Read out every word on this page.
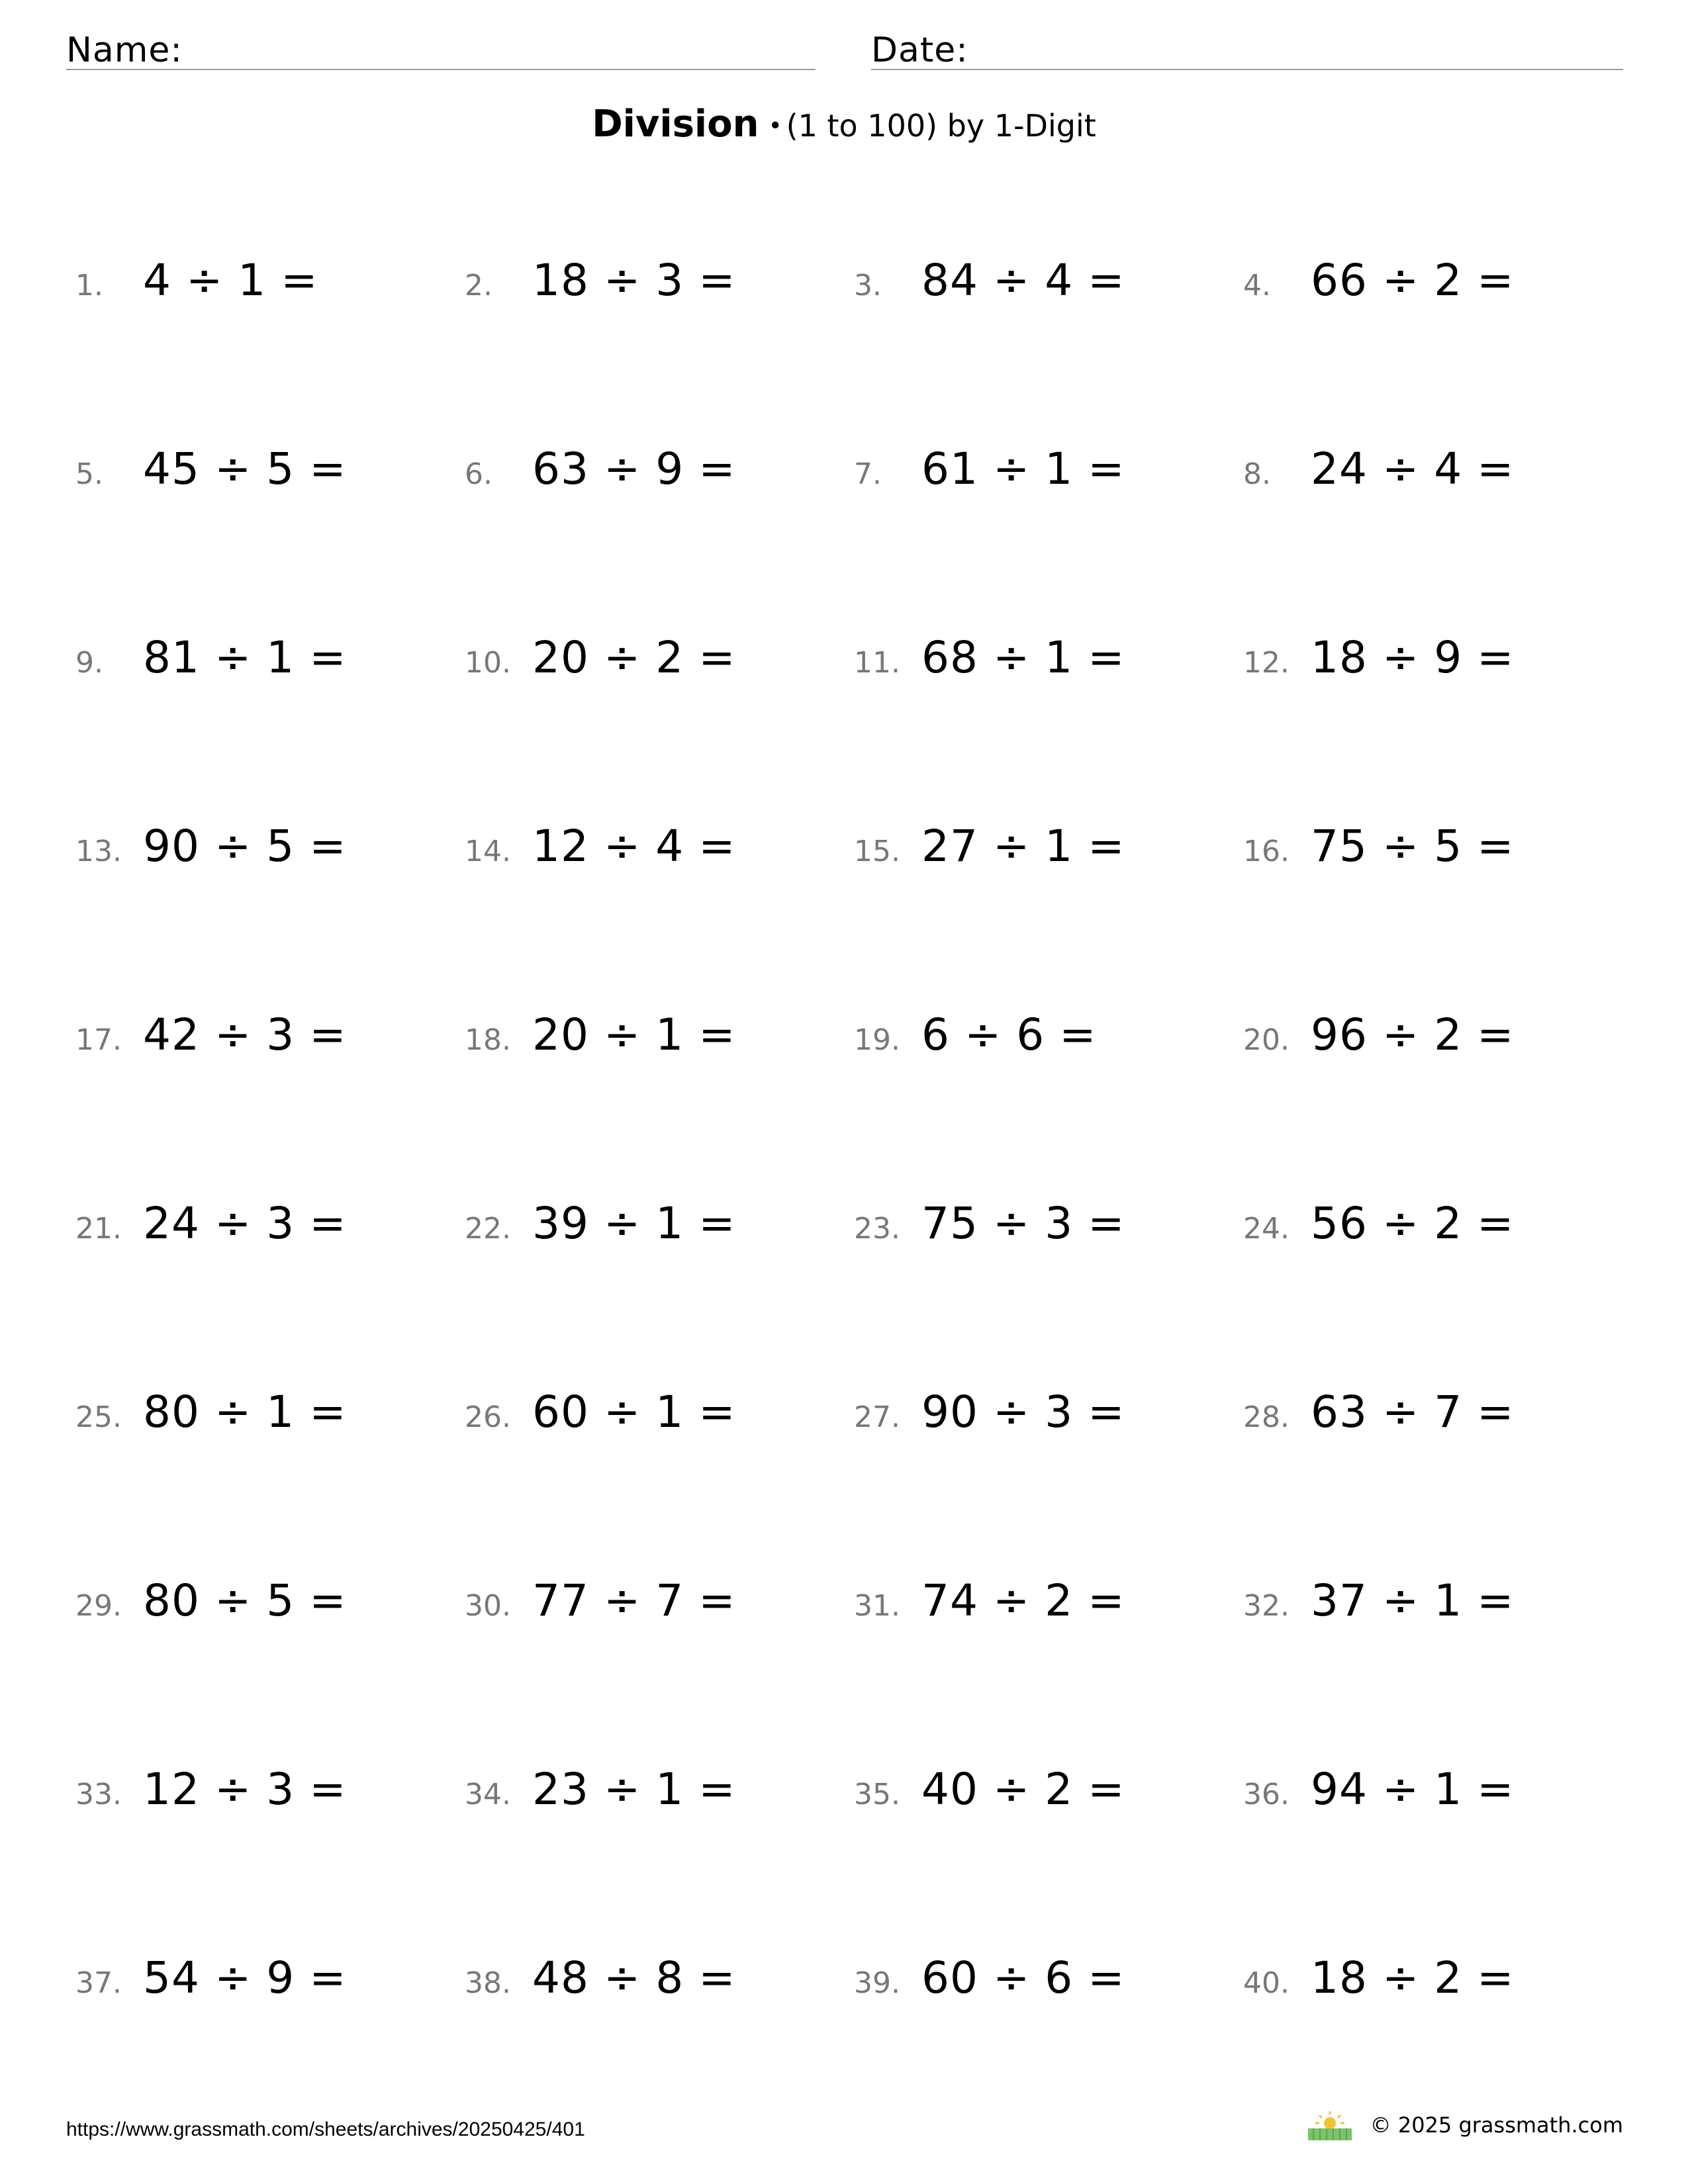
Name:	Date:
Division • (1 to 100) by 1-Digit
1. 4 ÷ 1 =	2. 18 ÷ 3 =	3. 84 ÷ 4 =	4. 66 ÷ 2 =
5. 45 ÷ 5 =	6. 63 ÷ 9 =	7. 61 ÷ 1 =	8. 24 ÷ 4 =
9. 81 ÷ 1 =	10. 20 ÷ 2 =	11. 68 ÷ 1 =	12. 18 ÷ 9 =
13. 90 ÷ 5 =	14. 12 ÷ 4 =	15. 27 ÷ 1 =	16. 75 ÷ 5 =
17. 42 ÷ 3 =	18. 20 ÷ 1 =	19. 6 ÷ 6 =	20. 96 ÷ 2 =
21. 24 ÷ 3 =	22. 39 ÷ 1 =	23. 75 ÷ 3 =	24. 56 ÷ 2 =
25. 80 ÷ 1 =	26. 60 ÷ 1 =	27. 90 ÷ 3 =	28. 63 ÷ 7 =
29. 80 ÷ 5 =	30. 77 ÷ 7 =	31. 74 ÷ 2 =	32. 37 ÷ 1 =
33. 12 ÷ 3 =	34. 23 ÷ 1 =	35. 40 ÷ 2 =	36. 94 ÷ 1 =
37. 54 ÷ 9 =	38. 48 ÷ 8 =	39. 60 ÷ 6 =	40. 18 ÷ 2 =
https://www.grassmath.com/sheets/archives/20250425/401	© 2025 grassmath.com
